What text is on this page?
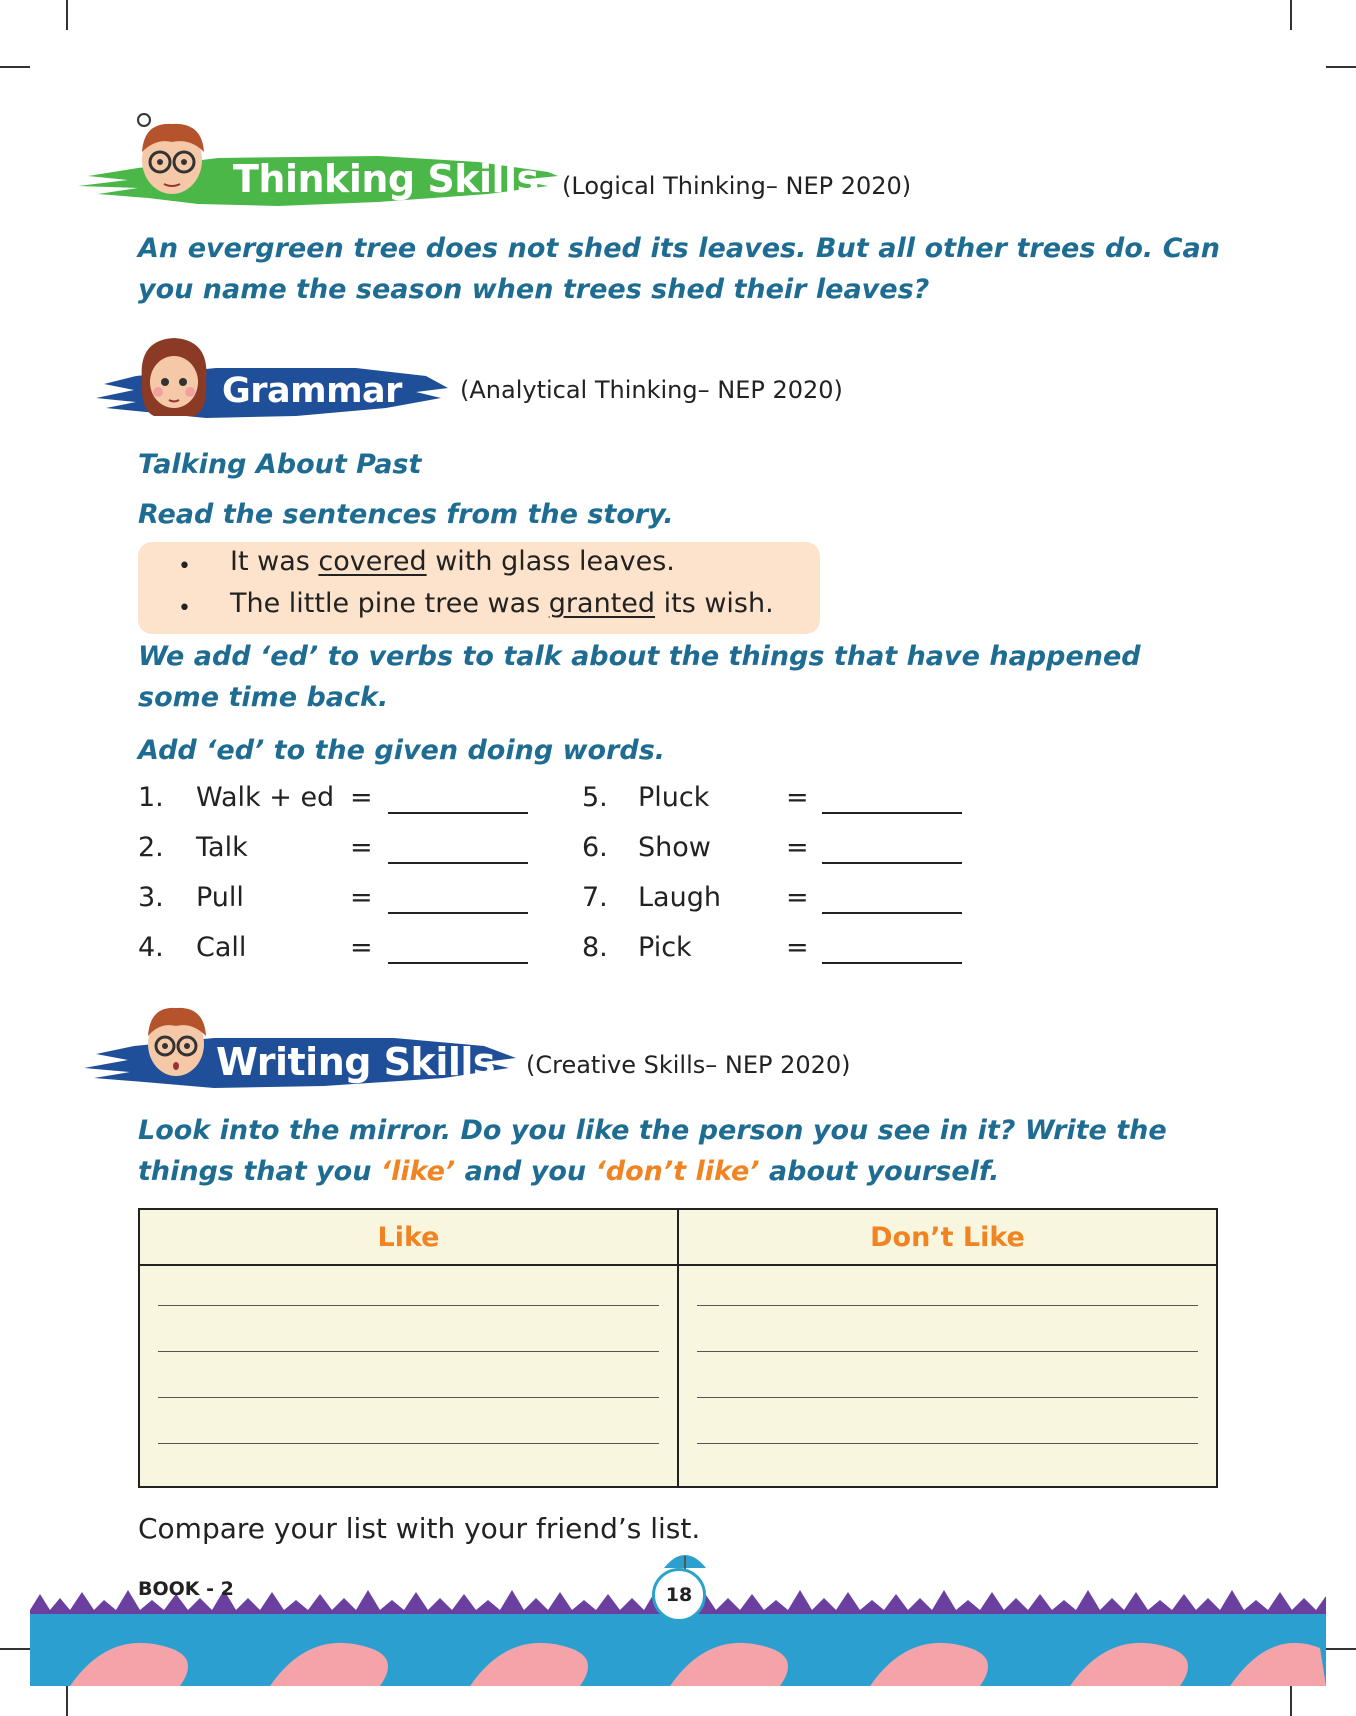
Thinking Skills (Logical Thinking– NEP 2020)
An evergreen tree does not shed its leaves. But all other trees do. Can you name the season when trees shed their leaves?
Grammar (Analytical Thinking– NEP 2020)
Talking About Past
Read the sentences from the story.
• It was covered with glass leaves.
• The little pine tree was granted its wish.
We add ‘ed’ to verbs to talk about the things that have happened some time back.
Add ‘ed’ to the given doing words.
1. Walk + ed =
2. Talk	=
3. Pull	=
4. Call	=
5. Pluck	=
6. Show	=
7. Laugh =
8. Pick	=
Writing Skills (Creative Skills– NEP 2020)
Look into the mirror. Do you like the person you see in it? Write the things that you ‘like’ and you ‘don’t like’ about yourself.
Like	Don’t Like

Compare your list with your friend’s list.
BOOK - 2	18
